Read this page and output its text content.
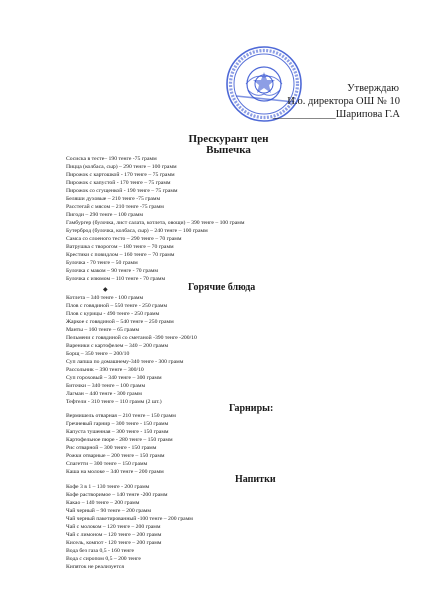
Утверждаю
И.о. директора ОШ № 10
____________Шарипова Г.А
Прескурант цен
Выпечка
Сосиска в тесте– 190 тенге -75 грамм
Пицца (колбаса, сыр) – 290 тенге – 100 грамм
Пирожок с картошкой - 170 тенге – 75 грамм
Пирожок с капустой - 170 тенге – 75 грамм
Пирожок со сгущенкой - 190 тенге – 75 грамм
Беляши духовые – 210 тенге -75 грамм
Расстегай с мясом – 210 тенге -75 грамм
Пигоди – 290 тенге – 100 грамм
Гамбургер (булочка, лист салата, котлета, овощи) – 390 тенге – 100 грамм
Бутерброд (булочка, колбаса, сыр) – 240 тенге – 100 грамм
Самса со слоеного тесто – 290 тенге – 70 грамм
Ватрушка с творогом – 180 тенге – 70 грамм
Крестики с повидлом – 160 тенге – 70 грамм
Булочка - 70 тенге – 50 грамм
Булочка с маком – 90 тенге - 70 грамм
Булочка с изюмом – 110 тенге - 70 грамм
◆	Горячие блюда
Котлета – 340 тенге - 100 грамм
Плов с говядиной – 550 тенге - 250 грамм
Плов с курицы - 490 тенге - 250 грамм
Жаркое с говядиной – 540 тенге – 250 грамм
Манты – 160 тенге – 65 грамм
Пельмени с говядиной со сметаной -390 тенге -200/10
Вареники с картофелем – 340 – 200 грамм
Борщ – 350 тенге – 200/10
Суп лапша по домашнему-340 тенге - 300 грамм
Рассольник – 390 тенге – 300/10
Суп гороховый – 340 тенге – 300 грамм
Биточки – 340 тенге – 100 грамм
Лагман – 440 тенге - 300 грамм
Тефтели - 310 тенге – 110 грамм (2 шт.)
Гарниры:
Вермишель отварная – 210 тенге – 150 грамм
Гречневый гарнир – 300 тенге - 150 грамм
Капуста тушенная – 300 тенге - 150 грамм
Картофельное пюре - 280 тенге – 150 грамм
Рис отварной – 300 тенге - 150 грамм
Рожки отварные – 200 тенге – 150 грамм
Спагетти – 300 тенге – 150 грамм
Каша на молоке – 340 тенге – 200 грамм
Напитки
Кофе 3 в 1 – 130 тенге - 200 грамм
Кофе растворимое – 140 тенге -200 грамм
Какао – 140 тенге – 200 грамм
Чай черный – 90 тенге – 200 грамм
Чай черный пакетированный -100 тенге – 200 грамм
Чай с молоком – 120 тенге – 200 грамм
Чай с лимоном – 120 тенге – 200 грамм
Кисель, компот - 120 тенге – 200 грамм
Вода без газа 0,5 - 160 тенге
Вода с сиропом 0,5 – 200 тенге
Кипяток не реализуется
